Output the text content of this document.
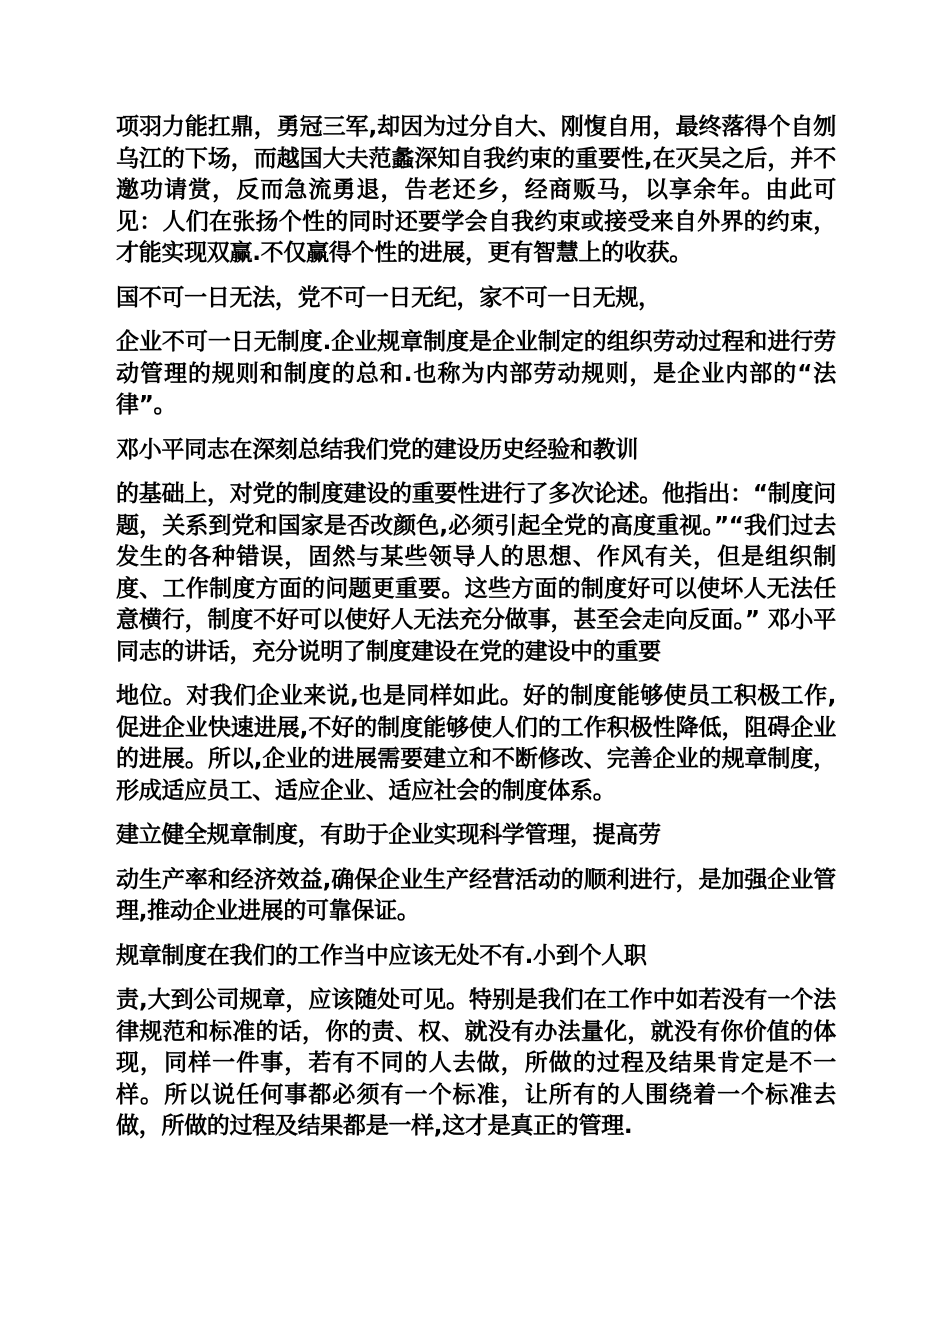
项羽力能扛鼎，勇冠三军,却因为过分自大、刚愎自用，最终落得个自刎乌江的下场，而越国大夫范蠡深知自我约束的重要性,在灭吴之后，并不邀功请赏，反而急流勇退，告老还乡，经商贩马，以享余年。由此可见：人们在张扬个性的同时还要学会自我约束或接受来自外界的约束，才能实现双赢.不仅赢得个性的进展，更有智慧上的收获。

国不可一日无法，党不可一日无纪，家不可一日无规，

企业不可一日无制度.企业规章制度是企业制定的组织劳动过程和进行劳动管理的规则和制度的总和.也称为内部劳动规则，是企业内部的“法律”。

邓小平同志在深刻总结我们党的建设历史经验和教训

的基础上，对党的制度建设的重要性进行了多次论述。他指出：“制度问题，关系到党和国家是否改颜色,必须引起全党的高度重视。”“我们过去发生的各种错误，固然与某些领导人的思想、作风有关，但是组织制度、工作制度方面的问题更重要。这些方面的制度好可以使坏人无法任意横行，制度不好可以使好人无法充分做事，甚至会走向反面。” 邓小平同志的讲话，充分说明了制度建设在党的建设中的重要

地位。对我们企业来说,也是同样如此。好的制度能够使员工积极工作,促进企业快速进展,不好的制度能够使人们的工作积极性降低，阻碍企业的进展。所以,企业的进展需要建立和不断修改、完善企业的规章制度，形成适应员工、适应企业、适应社会的制度体系。

建立健全规章制度，有助于企业实现科学管理，提高劳

动生产率和经济效益,确保企业生产经营活动的顺利进行，是加强企业管理,推动企业进展的可靠保证。

规章制度在我们的工作当中应该无处不有.小到个人职

责,大到公司规章，应该随处可见。特别是我们在工作中如若没有一个法律规范和标准的话，你的责、权、就没有办法量化，就没有你价值的体现，同样一件事，若有不同的人去做，所做的过程及结果肯定是不一样。所以说任何事都必须有一个标准，让所有的人围绕着一个标准去做，所做的过程及结果都是一样,这才是真正的管理.
